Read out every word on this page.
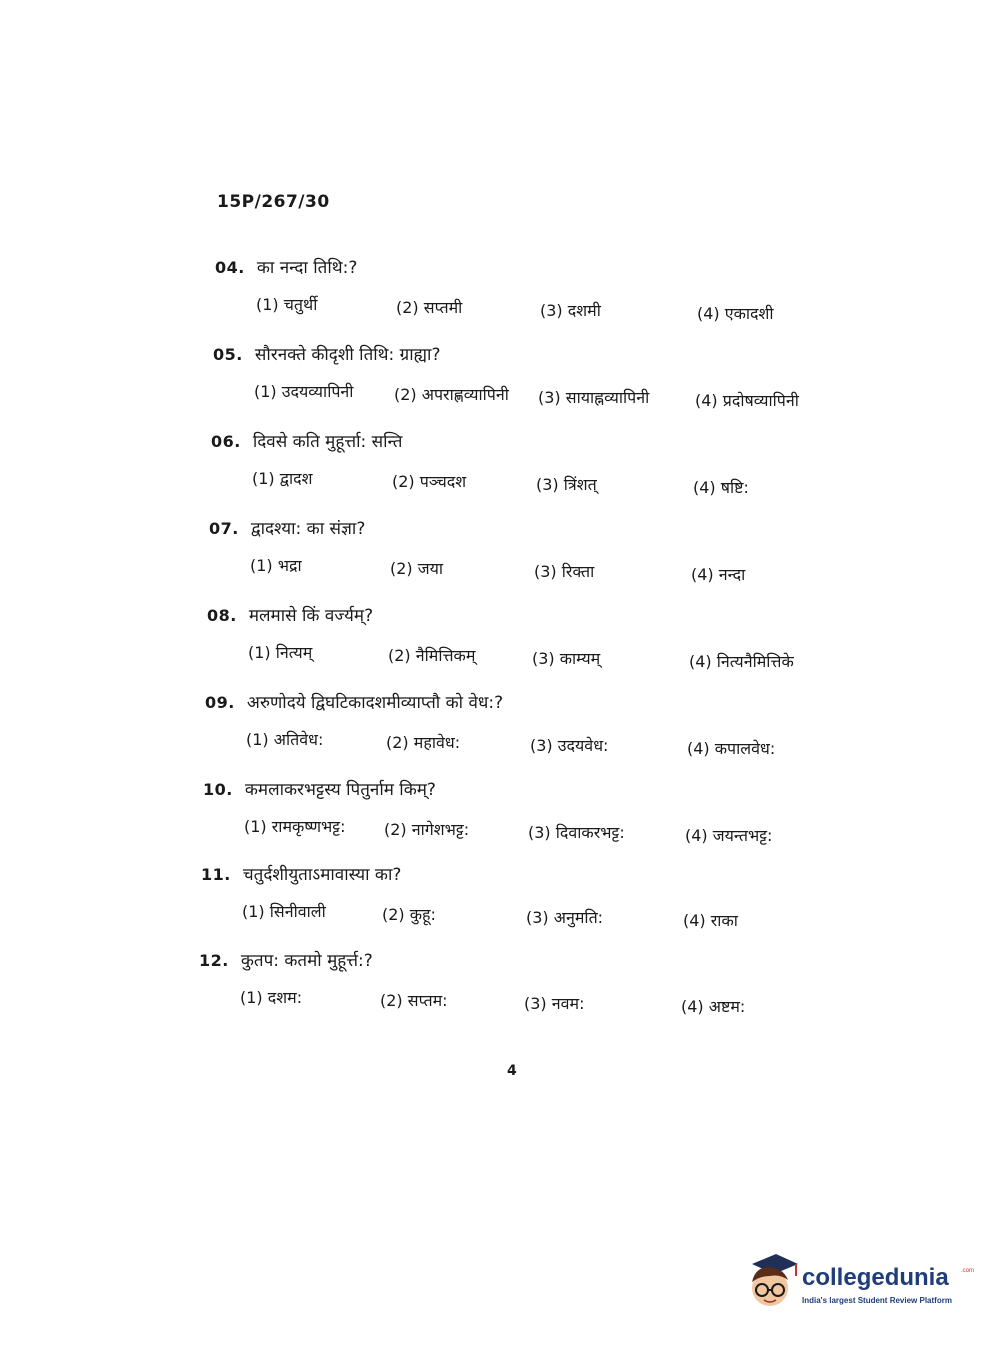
15P/267/30
04. का नन्दा तिथि:?
(1) चतुर्थी	(2) सप्तमी	(3) दशमी	(4) एकादशी
05. सौरनक्ते कीदृशी तिथि: ग्राह्या?
(1) उदयव्यापिनी	(2) अपराह्णव्यापिनी (3) सायाह्नव्यापिनी	(4) प्रदोषव्यापिनी
06. दिवसे कति मुहूर्त्ता: सन्ति
(1) द्वादश	(2) पञ्चदश	(3) त्रिंशत्	(4) षष्टि:
07. द्वादश्या: का संज्ञा?
(1) भद्रा	(2) जया	(3) रिक्ता	(4) नन्दा
08. मलमासे किं वर्ज्यम्?
(1) नित्यम्	(2) नैमित्तिकम्	(3) काम्यम्	(4) नित्यनैमित्तिके
09. अरुणोदये द्विघटिकादशमीव्याप्तौ को वेध:?
(1) अतिवेध:	(2) महावेध:	(3) उदयवेध:	(4) कपालवेध:
10. कमलाकरभट्टस्य पितुर्नाम किम्?
(1) रामकृष्णभट्ट: (2) नागेशभट्ट:	(3) दिवाकरभट्ट:	(4) जयन्तभट्ट:
11. चतुर्दशीयुताऽमावास्या का?
(1) सिनीवाली	(2) कुहू:	(3) अनुमति:	(4) राका
12. कुतप: कतमो मुहूर्त्त:?
(1) दशम:	(2) सप्तम:	(3) नवम:	(4) अष्टम:
4
collegedunia .com
India's largest Student Review Platform
